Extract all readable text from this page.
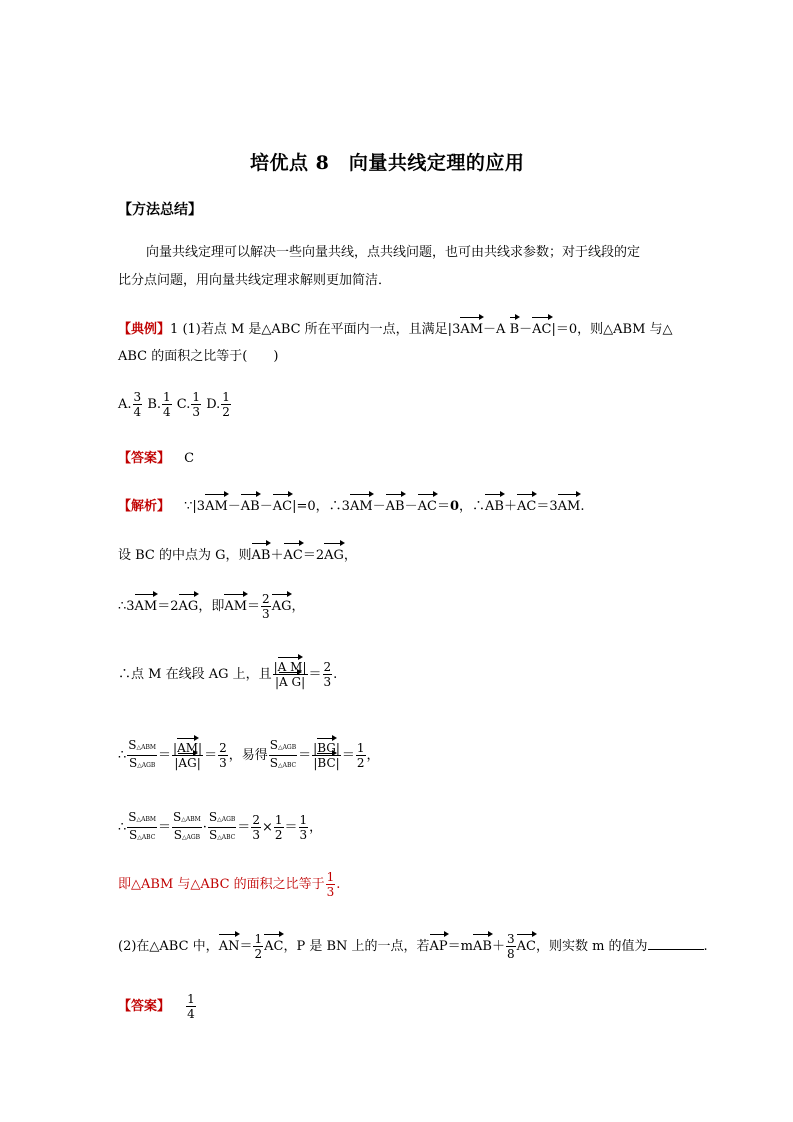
培优点 8　向量共线定理的应用
【方法总结】
向量共线定理可以解决一些向量共线，点共线问题，也可由共线求参数；对于线段的定
比分点问题，用向量共线定理求解则更加简洁．
【典例】1 (1)若点 M 是△ABC 所在平面内一点，且满足|3AM－A B－AC|＝0，则△ABM 与△
ABC 的面积之比等于(　　)
A. $\frac{3}{4} B$. $\frac{1}{4} C$. $\frac{1}{3} D$. $\frac{1}{2}$
【答案】 C
【解析】 ∵|3AM－AB－AC|=0，∴3AM－AB－AC＝0，∴AB＋AC＝3AM.
设 BC 的中点为 G，则AB＋AC＝2AG，
∴3AM＝2AG，即$AM= \frac{2}{3}$ AG，
∴点 M 在线段 AG 上，且 $\frac{\text{|A M|}}{\text{|A G|}} = \frac{2}{3}$ .
∴ $\frac{\text{S△ABM}}{\text{S△AGB}} = \frac{|AM|}{|AG|} = \frac{2}{3}$ ，易得 $\frac{\text{S△AGB}}{\text{S△ABC}} = \frac{|BG|}{|BC|} = \frac{1}{2}$ ，
∴ $\frac{\text{S△ABM}}{\text{S△ABC}} = \frac{\text{S△ABM}}{\text{S△AGB}} \cdot \frac{\text{S△AGB}}{\text{S△ABC}} = \frac{2}{3} \times \frac{1}{2} = \frac{1}{3}$ ，
即△ABM 与△ABC 的面积之比等于 $\frac{1}{3}$ .
(2)在△ABC 中，$AN= \frac{1}{2}$ AC，P 是 BN 上的一点，若$AP=mAB+ \frac{3}{8}$ AC，则实数 m 的值为	.
【答案】 $\frac{1}{4}$
